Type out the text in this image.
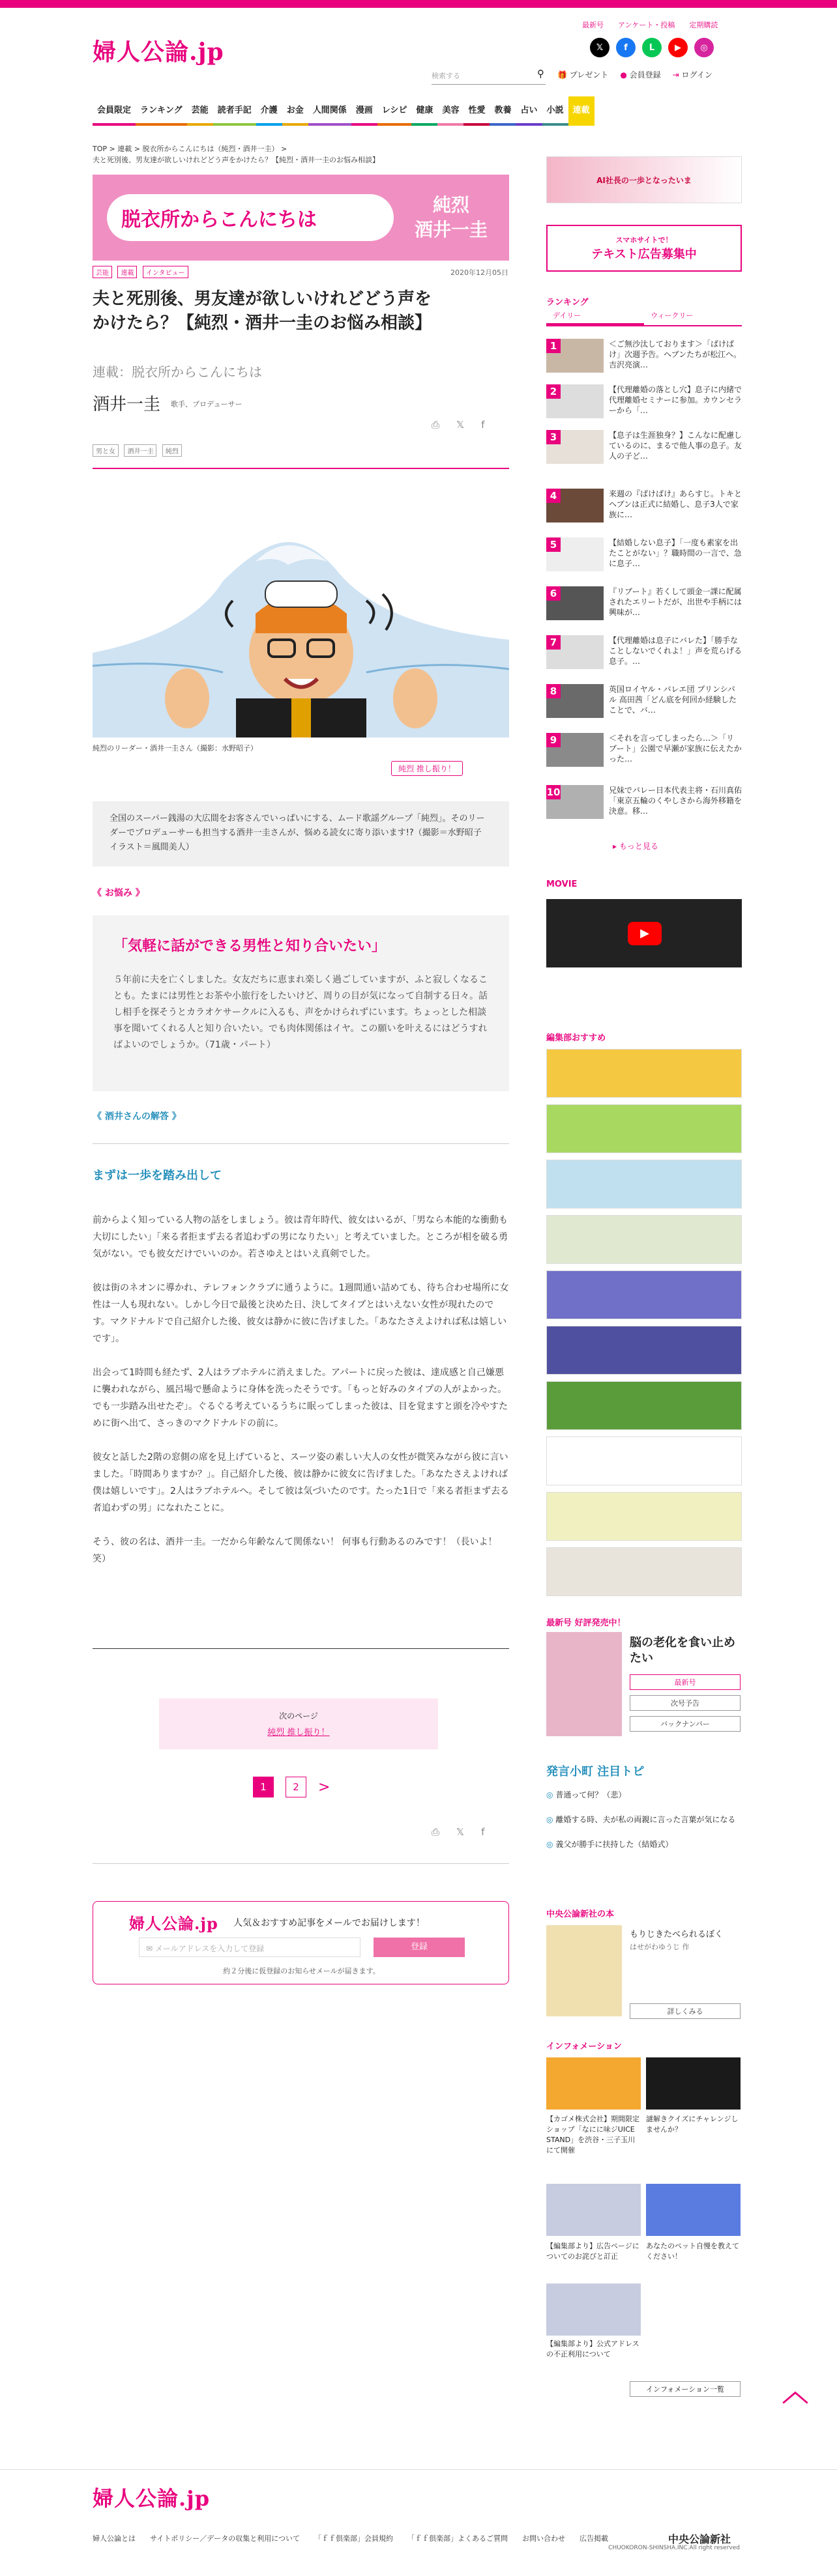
婦人公論.jp
最新号 アンケート・投稿 定期購読
𝕏	f	L	▶	◎
検索する	⚲ 🎁 プレゼント ● 会員登録 ⇥ ログイン
会員限定	ランキング	芸能	読者手記	介護	お金	人間関係	漫画	レシピ	健康	美容	性愛	教養	占い	小説	連載
TOP > 連載 > 脱衣所からこんにちは（純烈・酒井一圭） >
夫と死別後、男友達が欲しいけれどどう声をかけたら？【純烈・酒井一圭のお悩み相談】
脱衣所からこんにちは
純烈
酒井一圭
芸能 連載 インタビュー	2020年12月05日
夫と死別後、男友達が欲しいけれどどう声をかけたら？【純烈・酒井一圭のお悩み相談】
連載：脱衣所からこんにちは
酒井一圭 歌手、プロデューサー
⎙ 𝕏 f
男と女 酒井一圭 純烈
純烈のリーダー・酒井一圭さん（撮影：水野昭子）
純烈 推し振り！
全国のスーパー銭湯の大広間をお客さんでいっぱいにする、ムード歌謡グループ「純烈」。そのリーダーでプロデューサーも担当する酒井一圭さんが、悩める読女に寄り添います!?（撮影＝水野昭子　イラスト＝風間美人）
《 お悩み 》
「気軽に話ができる男性と知り合いたい」
５年前に夫を亡くしました。女友だちに恵まれ楽しく過ごしていますが、ふと寂しくなることも。たまには男性とお茶や小旅行をしたいけど、周りの目が気になって自制する日々。話し相手を探そうとカラオケサークルに入るも、声をかけられずにいます。ちょっとした相談事を聞いてくれる人と知り合いたい。でも肉体関係はイヤ。この願いを叶えるにはどうすればよいのでしょうか。（71歳・パート）
《 酒井さんの解答 》
まずは一歩を踏み出して

前からよく知っている人物の話をしましょう。彼は青年時代、彼女はいるが、「男なら本能的な衝動も大切にしたい」「来る者拒まず去る者追わずの男になりたい」と考えていました。ところが相を破る勇気がない。でも彼女だけでいいのか。若さゆえとはいえ真剣でした。

彼は街のネオンに導かれ、テレフォンクラブに通うように。1週間通い詰めても、待ち合わせ場所に女性は一人も現れない。しかし今日で最後と決めた日、決してタイプとはいえない女性が現れたのです。マクドナルドで自己紹介した後、彼女は静かに彼に告げました。「あなたさえよければ私は嬉しいです」。

出会って1時間も経たず、2人はラブホテルに消えました。アパートに戻った彼は、達成感と自己嫌悪に襲われながら、風呂場で懸命ように身体を洗ったそうです。「もっと好みのタイプの人がよかった。でも一歩踏み出せたぞ」。ぐるぐる考えているうちに眠ってしまった彼は、目を覚ますと頭を冷やすために街へ出て、さっきのマクドナルドの前に。

彼女と話した2階の窓側の席を見上げていると、スーツ姿の素しい大人の女性が微笑みながら彼に言いました。「時間ありますか？」。自己紹介した後、彼は静かに彼女に告げました。「あなたさえよければ僕は嬉しいです」。2人はラブホテルへ。そして彼は気づいたのです。たった1日で「来る者拒まず去る者追わずの男」になれたことに。

そう、彼の名は、酒井一圭。一だから年齢なんて関係ない！ 何事も行動あるのみです！（長いよ！ 笑）

次のページ
純烈 推し振り！
1	2	>
⎙ 𝕏 f
婦人公論.jp 人気＆おすすめ記事をメールでお届けします！
✉ メールアドレスを入力して登録	登録
約２分後に仮登録のお知らせメールが届きます。
AI社長の一歩となったいま
スマホサイトで！
テキスト広告募集中
ランキング
デイリー	ウィークリー
1	＜ご無沙汰しております＞「ばけばけ」次週予告。ヘブンたちが松江へ。吉沢亮演…
2	【代理離婚の落とし穴】息子に内緒で代理離婚セミナーに参加。カウンセラーから「…
3	【息子は生涯独身？】こんなに配慮しているのに、まるで他人事の息子。友人の子ど…
4	来週の『ばけばけ』あらすじ。トキとヘブンは正式に結婚し、息子3人で家族に…
5	【結婚しない息子】「一度も素家を出たことがない」？職時間の一言で、急に息子…
6	『リブート』若くして頭金一課に配属されたエリートだが、出世や手柄には興味が…
7	【代理離婚は息子にバレた】「勝手なことしないでくれよ！」声を荒らげる息子。…
8	英国ロイヤル・バレエ団 プリンシパル 高田茜「どん底を何回か経験したことで、バ…
9	＜それを言ってしまったら…＞「リブート」公園で早瀬が家族に伝えたかった…
10	兄妹でバレー日本代表主将・石川真佑「東京五輪のくやしさから海外移籍を決意。移…
▸ もっと見る
MOVIE
▶
編集部おすすめ
最新号 好評発売中！
脳の老化を食い止めたい
最新号
次号予告
バックナンバー
発言小町 注目トピ
◎ 普通って何？（悲）
◎ 離婚する時、夫が私の両親に言った言葉が気になる
◎ 義父が勝手に扶持した（結婚式）
中央公論新社の本
もりじきたべられるぼく
はせがわゆうじ 作
詳しくみる
インフォメーション
【カゴメ株式会社】期間限定ショップ「なにに味ジUICE STAND」を渋谷・三子玉川にて開催
謎解きクイズにチャレンジしませんか？
【編集部より】広告ページについてのお詫びと訂正
あなたのペット自慢を教えてください！
【編集部より】公式アドレスの不正利用について
インフォメーション一覧	︿
婦人公論.jp
婦人公論とは サイトポリシー／データの収集と利用について 「ｆｆ倶楽部」会員規約 「ｆｆ倶楽部」よくあるご質問 お問い合わせ 広告掲載	中央公論新社
CHUOKORON-SHINSHA.INC.All right reserved
